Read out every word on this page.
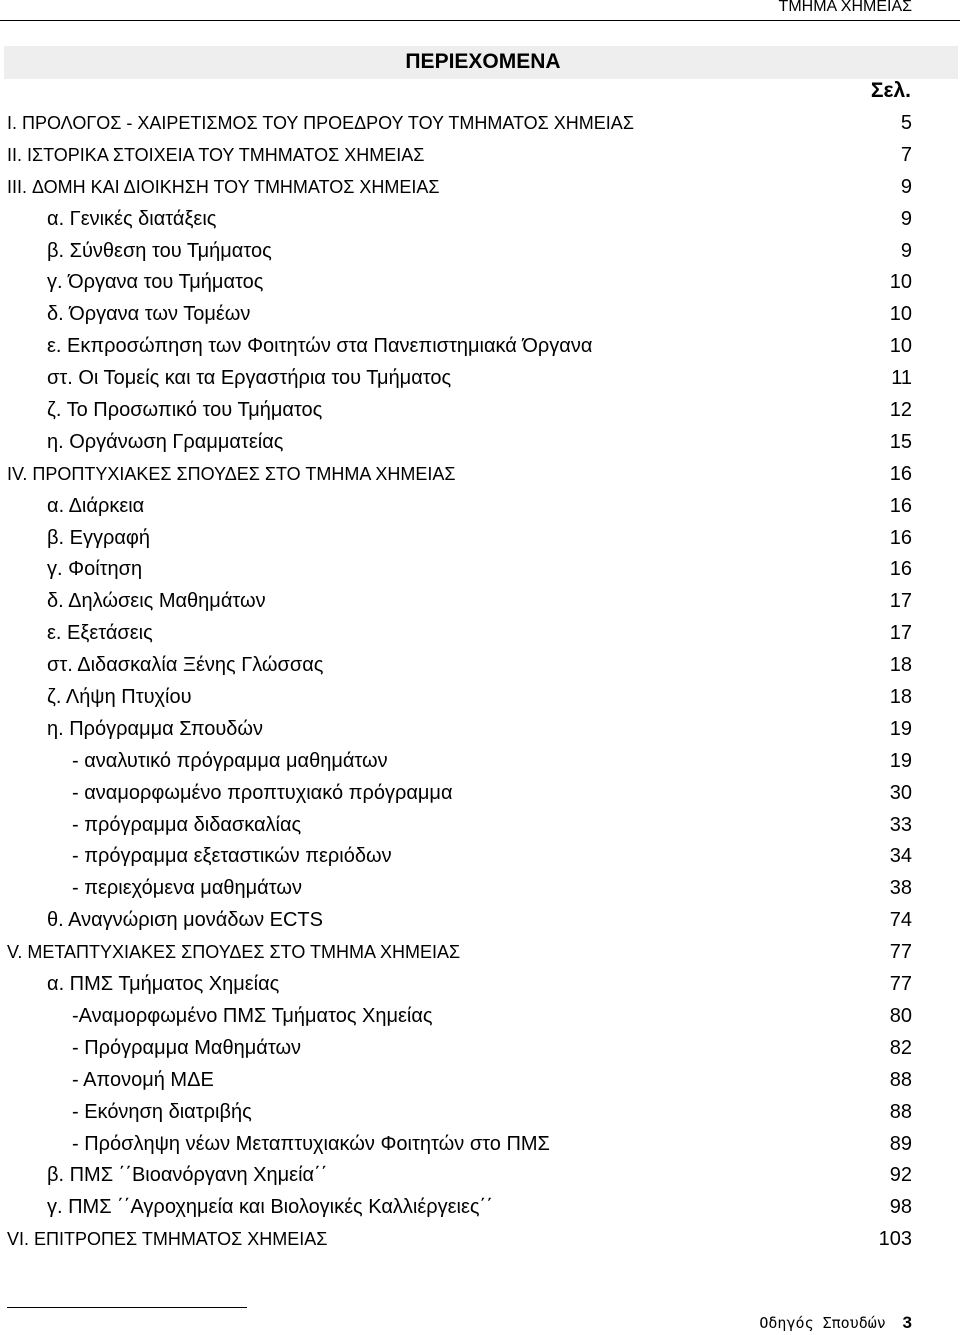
ΤΜΗΜΑ ΧΗΜΕΙΑΣ
ΠΕΡΙΕΧΟΜΕΝΑ
Σελ.
I. ΠΡΟΛΟΓΟΣ - ΧΑΙΡΕΤΙΣΜΟΣ ΤΟΥ ΠΡΟΕΔΡΟΥ ΤΟΥ ΤΜΗΜΑΤΟΣ ΧΗΜΕΙΑΣ	5
II. ΙΣΤΟΡΙΚΑ ΣΤΟΙΧΕΙΑ ΤΟΥ ΤΜΗΜΑΤΟΣ ΧΗΜΕΙΑΣ	7
III. ΔΟΜΗ ΚΑΙ ΔΙΟΙΚΗΣΗ ΤΟΥ ΤΜΗΜΑΤΟΣ ΧΗΜΕΙΑΣ	9
α. Γενικές διατάξεις	9
β. Σύνθεση του Τμήματος	9
γ. Όργανα του Τμήματος	10
δ. Όργανα των Τομέων	10
ε. Εκπροσώπηση των Φοιτητών στα Πανεπιστημιακά Όργανα	10
στ. Οι Τομείς και τα Εργαστήρια του Τμήματος	11
ζ. Το Προσωπικό του Τμήματος	12
η. Οργάνωση Γραμματείας	15
IV. ΠΡΟΠΤΥΧΙΑΚΕΣ ΣΠΟΥΔΕΣ ΣΤΟ ΤΜΗΜΑ ΧΗΜΕΙΑΣ	16
α. Διάρκεια	16
β. Εγγραφή	16
γ. Φοίτηση	16
δ. Δηλώσεις Μαθημάτων	17
ε. Εξετάσεις	17
στ. Διδασκαλία Ξένης Γλώσσας	18
ζ. Λήψη Πτυχίου	18
η. Πρόγραμμα Σπουδών	19
- αναλυτικό πρόγραμμα μαθημάτων	19
- αναμορφωμένο προπτυχιακό πρόγραμμα	30
- πρόγραμμα διδασκαλίας	33
- πρόγραμμα εξεταστικών περιόδων	34
- περιεχόμενα μαθημάτων	38
θ. Αναγνώριση μονάδων ECTS	74
V. ΜΕΤΑΠΤΥΧΙΑΚΕΣ ΣΠΟΥΔΕΣ ΣΤΟ ΤΜΗΜΑ ΧΗΜΕΙΑΣ	77
α. ΠΜΣ Τμήματος Χημείας	77
-Αναμορφωμένο ΠΜΣ Τμήματος Χημείας	80
- Πρόγραμμα Μαθημάτων	82
- Απονομή ΜΔΕ	88
- Εκόνηση διατριβής	88
- Πρόσληψη νέων Μεταπτυχιακών Φοιτητών στο ΠΜΣ	89
β. ΠΜΣ ΄΄Βιοανόργανη Χημεία΄΄	92
γ. ΠΜΣ ΄΄Αγροχημεία και Βιολογικές Καλλιέργειες΄΄	98
VI. ΕΠΙΤΡΟΠΕΣ ΤΜΗΜΑΤΟΣ ΧΗΜΕΙΑΣ	103
Οδηγός Σπουδών 3
